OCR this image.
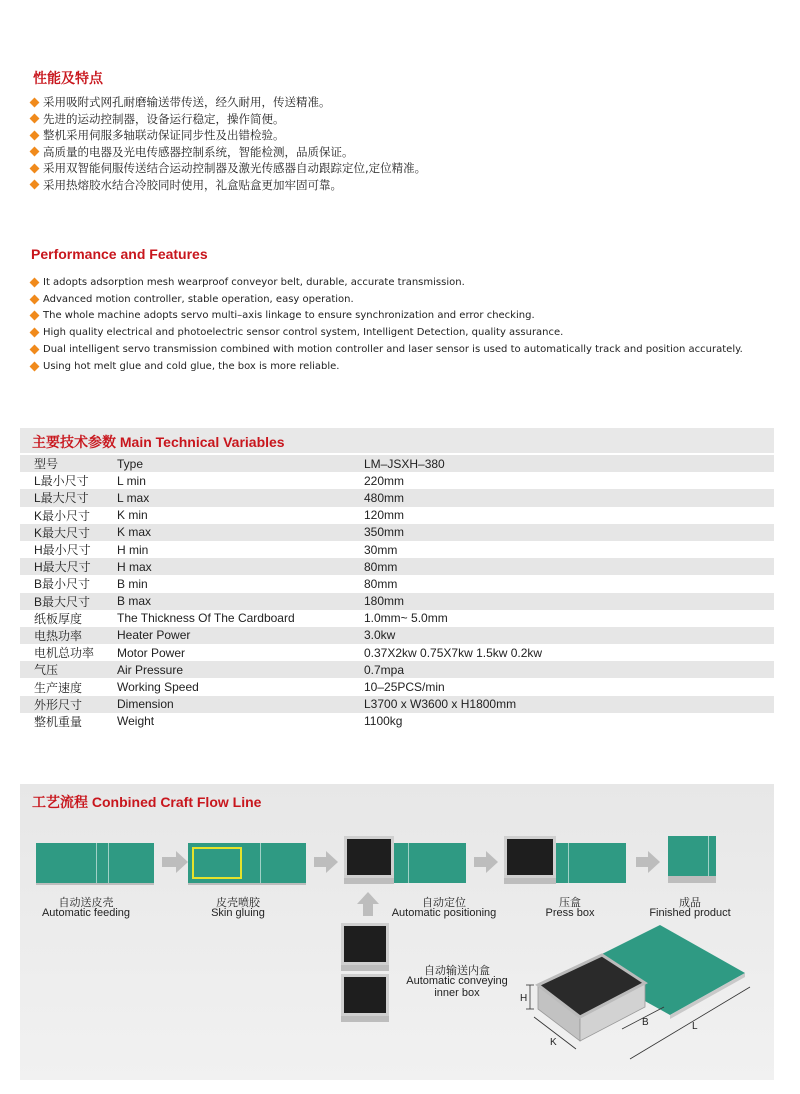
性能及特点
采用吸附式网孔耐磨输送带传送，经久耐用，传送精准。
先进的运动控制器，设备运行稳定，操作简便。
整机采用伺服多轴联动保证同步性及出错检验。
高质量的电器及光电传感器控制系统，智能检测，品质保证。
采用双智能伺服传送结合运动控制器及激光传感器自动跟踪定位,定位精准。
采用热熔胶水结合冷胶同时使用，礼盒贴盒更加牢固可靠。
Performance and Features
It adopts adsorption mesh wearproof conveyor belt, durable, accurate transmission.
Advanced motion controller, stable operation, easy operation.
The whole machine adopts servo multi–axis linkage to ensure synchronization and error checking.
High quality electrical and photoelectric sensor control system, Intelligent Detection, quality assurance.
Dual intelligent servo transmission combined with motion controller and laser sensor is used to automatically track and position accurately.
Using hot melt glue and cold glue, the box is more reliable.
主要技术参数 Main Technical Variables
型号	Type	LM–JSXH–380
L最小尺寸	L min	220mm
L最大尺寸	L max	480mm
K最小尺寸	K min	120mm
K最大尺寸	K max	350mm
H最小尺寸	H min	30mm
H最大尺寸	H max	80mm
B最小尺寸	B min	80mm
B最大尺寸	B max	180mm
纸板厚度	The Thickness Of The Cardboard	1.0mm~ 5.0mm
电热功率	Heater Power	3.0kw
电机总功率	Motor Power	0.37X2kw 0.75X7kw 1.5kw 0.2kw
气压	Air Pressure	0.7mpa
生产速度	Working Speed	10–25PCS/min
外形尺寸	Dimension	L3700 x W3600 x H1800mm
整机重量	Weight	1100kg
工艺流程 Conbined Craft Flow Line
自动送皮壳
Automatic feeding
皮壳喷胶
Skin gluing
自动定位
Automatic positioning
压盒
Press box
成品
Finished product
自动输送内盒
Automatic conveying
inner box	H
K
B	L
